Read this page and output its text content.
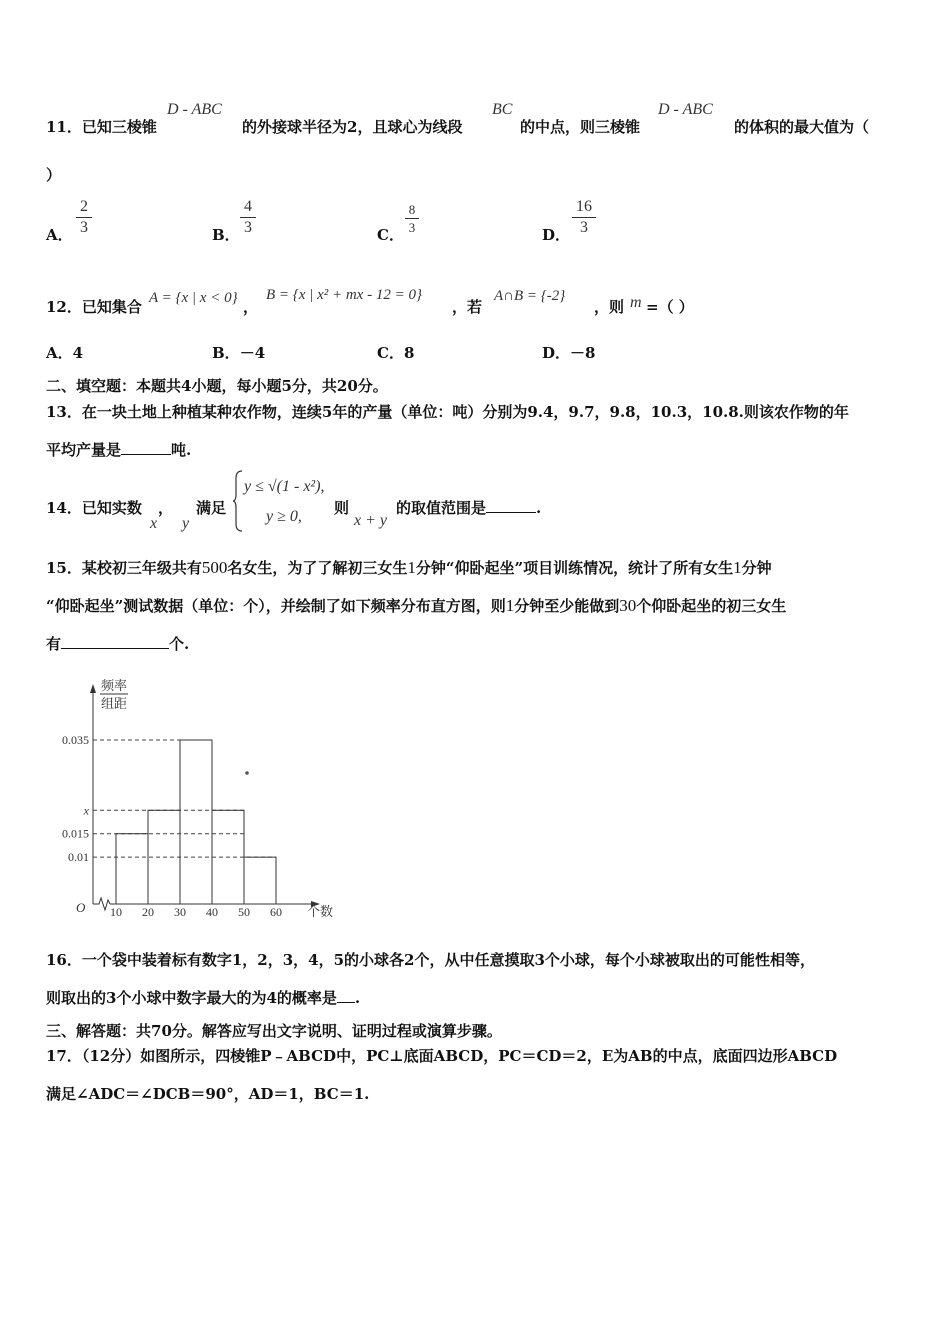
11．已知三棱锥
D - ABC
的外接球半径为2，且球心为线段
BC
的中点，则三棱锥
D - ABC
的体积的最大值为（
）
A．
2
3	B．
4
3	C．
8
3	D．
16
3
12．已知集合 A = {x | x < 0} ，
B = {x | x² + mx - 12 = 0}
，若
A∩B = {-2}
，则 m =（ ）
A．4	B．－4	C．8	D．－8
二、填空题：本题共4小题，每小题5分，共20分。
13．在一块土地上种植某种农作物，连续5年的产量（单位：吨）分别为9.4，9.7，9.8，10.3，10.8.则该农作物的年
平均产量是	吨.
14．已知实数 ，
x y
满足
y ≤ √(1 - x²),
y ≥ 0, 则
x + y
的取值范围是	.
15．某校初三年级共有500名女生，为了了解初三女生1分钟“仰卧起坐”项目训练情况，统计了所有女生1分钟
“仰卧起坐”测试数据（单位：个），并绘制了如下频率分布直方图，则1分钟至少能做到30个仰卧起坐的初三女生
有	个.
0.035
x
0.015
0.01
10 20 30 40 50 60
频率
组距
个数
O
16．一个袋中装着标有数字1，2，3，4，5的小球各2个，从中任意摸取3个小球，每个小球被取出的可能性相等，
则取出的3个小球中数字最大的为4的概率是 .
三、解答题：共70分。解答应写出文字说明、证明过程或演算步骤。
17．（12分）如图所示，四棱锥P﹣ABCD中，PC⊥底面ABCD，PC＝CD＝2，E为AB的中点，底面四边形ABCD
满足∠ADC＝∠DCB＝90°，AD＝1，BC＝1.
